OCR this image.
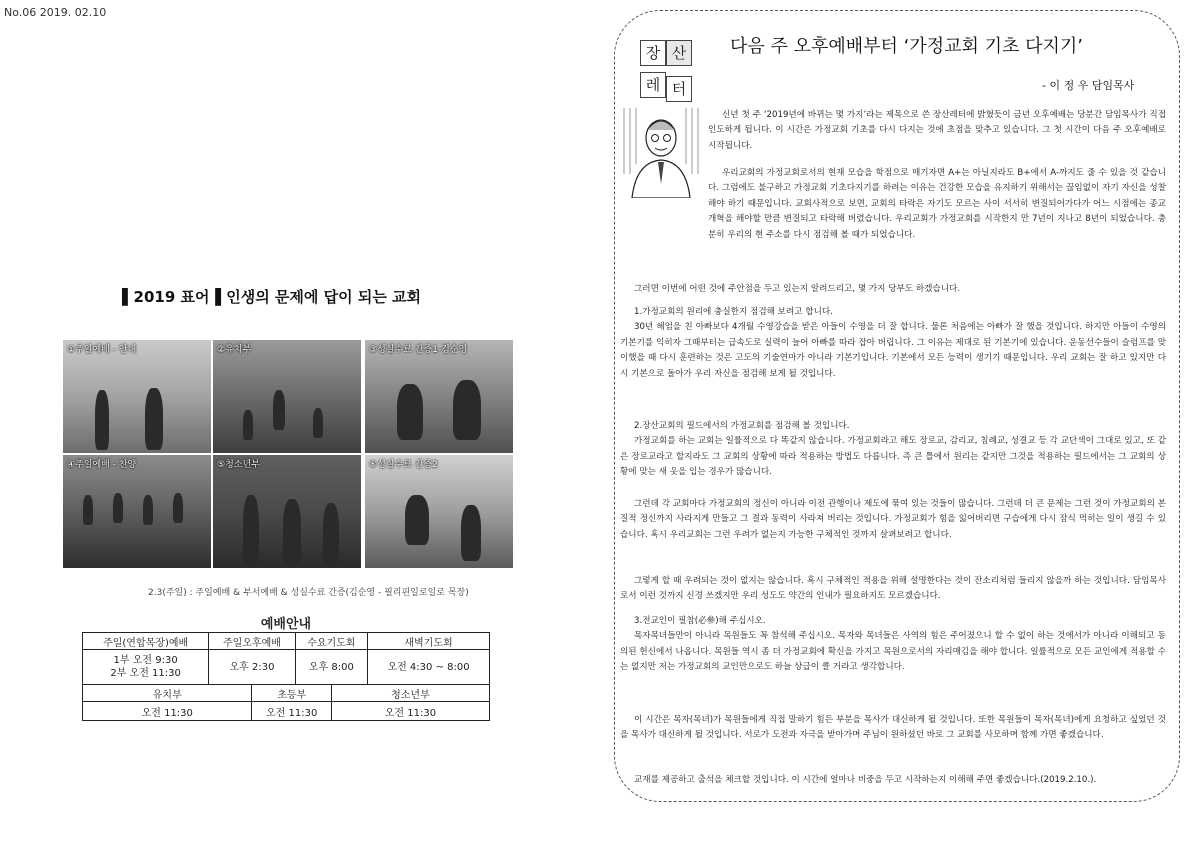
No.06 2019. 02.10
▌2019 표어▐ 인생의 문제에 답이 되는 교회
①주일예배 - 안내	②유치부	③성실수료 간증1-김순영
④주일예배 - 찬양	⑤청소년부	⑥성실수료 간증2
2.3(주일) : 주일예배 & 부서예배 & 성실수료 간증(김순영 - 필리핀일로일로 목장)
예배안내					
주일(연합목장)예배	주일오후예배		수요기도회		새벽기도회
1부 오전 9:30
2부 오전 11:30	오후 2:30		오후 8:00		오전 4:30 ~ 8:00
유치부		초등부		청소년부	
오전 11:30		오전 11:30		오전 11:30	
장 산
레 터
다음 주 오후예배부터 ‘가정교회 기초 다지기’
- 이 정 우 담임목사

신년 첫 주 ‘2019년에 바뀌는 몇 가지’라는 제목으로 쓴 장산레터에 밝혔듯이 금년 오후예배는 당분간 담임목사가 직접 인도하게 됩니다. 이 시간은 가정교회 기초를 다시 다지는 것에 초점을 맞추고 있습니다. 그 첫 시간이 다음 주 오후예배로 시작됩니다.

우리교회의 가정교회로서의 현재 모습을 학점으로 매기자면 A+는 아닐지라도 B+에서 A-까지도 줄 수 있을 것 같습니다. 그럼에도 불구하고 가정교회 기초다지기를 하려는 이유는 건강한 모습을 유지하기 위해서는 끊임없이 자기 자신을 성찰해야 하기 때문입니다. 교회사적으로 보면, 교회의 타락은 자기도 모르는 사이 서서히 변질되어가다가 어느 시점에는 종교개혁을 해야할 만큼 변질되고 타락해 버렸습니다. 우리교회가 가정교회를 시작한지 만 7년이 지나고 8년이 되었습니다. 충분히 우리의 현 주소를 다시 점검해 볼 때가 되었습니다.

그러면 이번에 어떤 것에 주안점을 두고 있는지 알려드리고, 몇 가지 당부도 하겠습니다.

1.가정교회의 원리에 충실한지 점검해 보려고 합니다.

30년 헤엄을 친 아빠보다 4개월 수영강습을 받은 아들이 수영을 더 잘 합니다. 물론 처음에는 아빠가 잘 했을 것입니다. 하지만 아들이 수영의 기본기를 익히자 그때부터는 급속도로 실력이 늘어 아빠를 따라 잡아 버립니다. 그 이유는 제대로 된 기본기에 있습니다. 운동선수들이 슬럼프를 맞이했을 때 다시 훈련하는 것은 고도의 기술연마가 아니라 기본기입니다. 기본에서 모든 능력이 생기기 때문입니다. 우리 교회는 잘 하고 있지만 다시 기본으로 돌아가 우리 자신을 점검해 보게 될 것입니다.

2.장산교회의 필드에서의 가정교회를 점검해 볼 것입니다.

가정교회를 하는 교회는 일률적으로 다 똑같지 않습니다. 가정교회라고 해도 장로교, 감리교, 침례교, 성결교 등 각 교단색이 그대로 있고, 또 같은 장로교라고 할지라도 그 교회의 상황에 따라 적용하는 방법도 다릅니다. 즉 큰 틀에서 원리는 같지만 그것을 적용하는 필드에서는 그 교회의 상황에 맞는 새 옷을 입는 경우가 많습니다.

그런데 각 교회마다 가정교회의 정신이 아니라 이전 관행이나 제도에 묶여 있는 것들이 많습니다. 그런데 더 큰 문제는 그런 것이 가정교회의 본질적 정신까지 사라지게 만들고 그 결과 동력이 사라져 버리는 것입니다. 가정교회가 힘을 잃어버리면 구습에게 다시 잠식 먹히는 일이 생길 수 있습니다. 혹시 우리교회는 그런 우려가 없는지 가능한 구체적인 것까지 살펴보려고 합니다.

그렇게 할 때 우려되는 것이 없지는 않습니다. 혹시 구체적인 적용을 위해 설명한다는 것이 잔소리처럼 들리지 않을까 하는 것입니다. 담임목사로서 이런 것까지 신경 쓰겠지만 우리 성도도 약간의 인내가 필요하지도 모르겠습니다.

3.전교인이 필참(必參)해 주십시오.

목자목녀들만이 아니라 목원들도 꼭 참석해 주십시오. 목자와 목녀들은 사역의 힘은 주어졌으니 할 수 없이 하는 것에서가 아니라 이해되고 동의된 헌신에서 나옵니다. 목원들 역시 좀 더 가정교회에 확신을 가지고 목원으로서의 자리매김을 해야 합니다. 일률적으로 모든 교인에게 적용할 수는 없지만 저는 가정교회의 교인만으로도 하늘 상급이 클 거라고 생각합니다.

이 시간은 목자(목녀)가 목원들에게 직접 말하기 힘든 부분을 목사가 대신하게 될 것입니다. 또한 목원들이 목자(목녀)에게 요청하고 싶었던 것을 목사가 대신하게 될 것입니다. 서로가 도전과 자극을 받아가며 주님이 원하셨던 바로 그 교회를 사모하며 함께 가면 좋겠습니다.

교재를 제공하고 출석을 체크할 것입니다. 이 시간에 얼마나 비중을 두고 시작하는지 이해해 주면 좋겠습니다.(2019.2.10.).
